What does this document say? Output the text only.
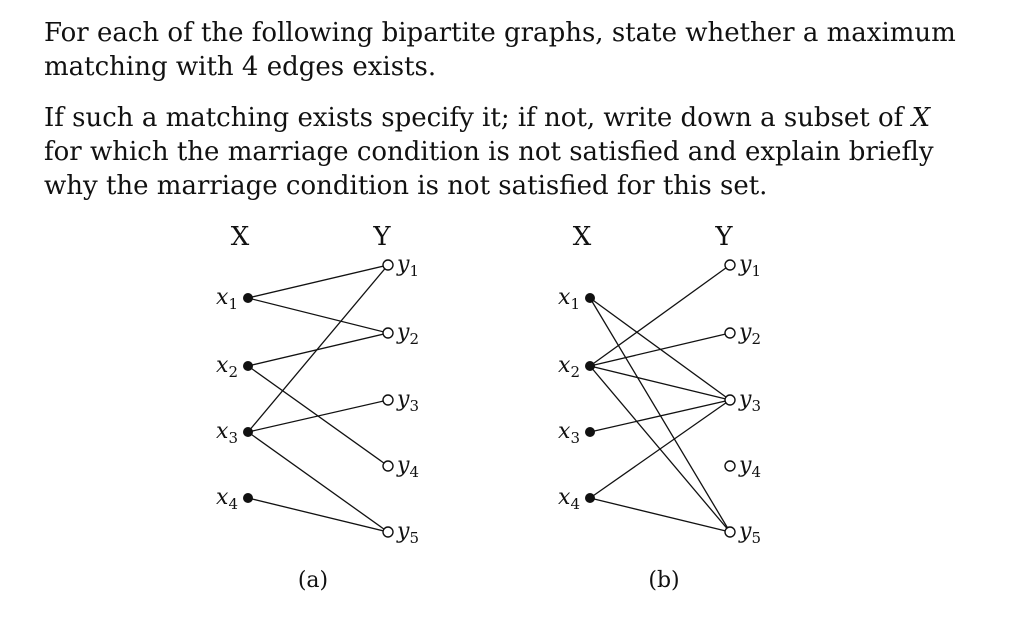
For each of the following bipartite graphs, state whether a maximum matching with 4 edges exists.

If such a matching exists specify it; if not, write down a subset of X for which the marriage condition is not satisfied and explain briefly why the marriage condition is not satisfied for this set.

X	Y
$x_1$
$x_2$
$x_3$
$x_4$
$y_1$
$y_2$
$y_3$
$y_4$
$y_5$
(a)
X	Y
$x_1$
$x_2$
$x_3$
$x_4$
$y_1$
$y_2$
$y_3$
$y_4$
$y_5$
(b)
